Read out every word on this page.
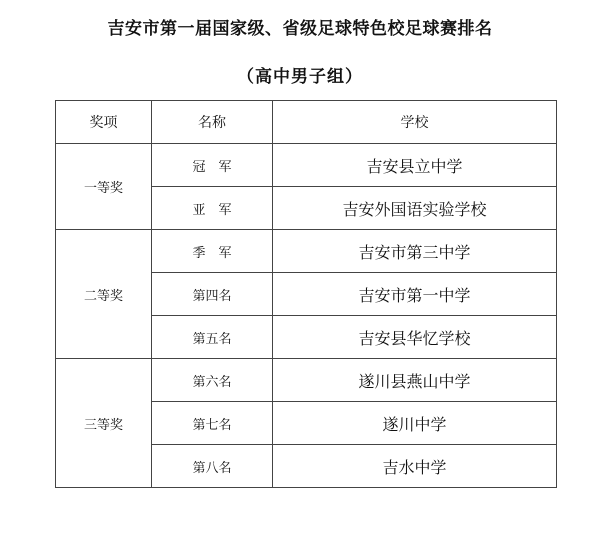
吉安市第一届国家级、省级足球特色校足球赛排名
（高中男子组）
奖项	名称	学校
一等奖	冠　军	吉安县立中学
	亚　军	吉安外国语实验学校
二等奖	季　军	吉安市第三中学
	第四名	吉安市第一中学
	第五名	吉安县华忆学校
三等奖	第六名	遂川县燕山中学
	第七名	遂川中学
	第八名	吉水中学
